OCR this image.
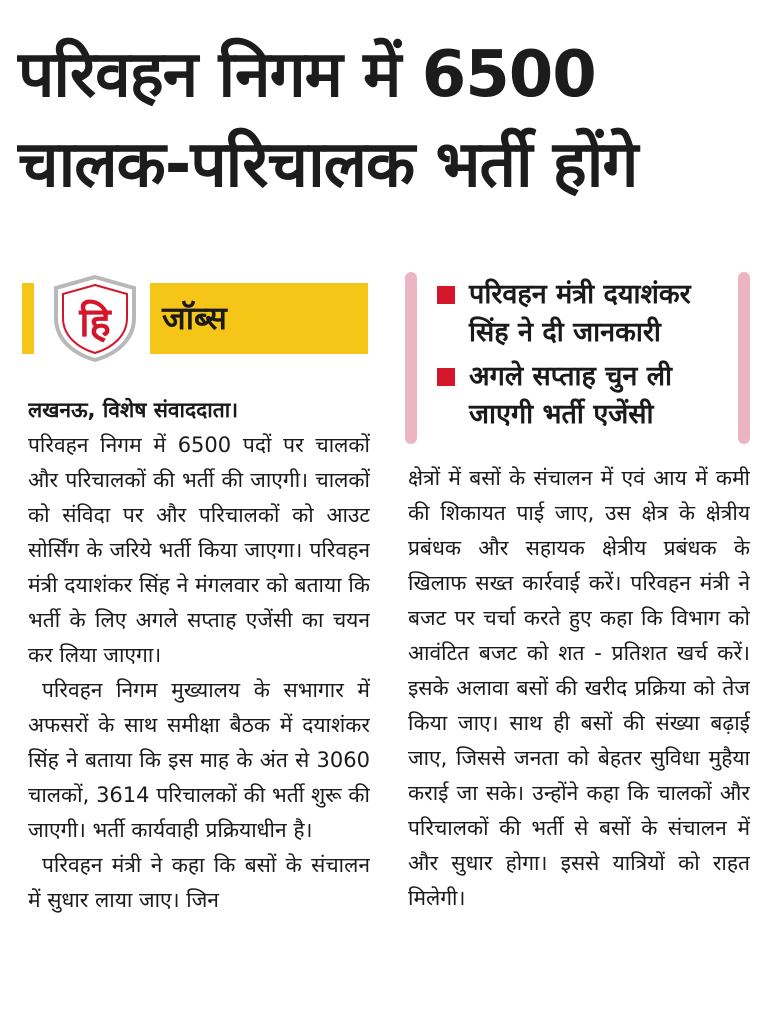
परिवहन निगम में 6500
चालक-परिचालक भर्ती होंगे
हि जॉब्स
परिवहन मंत्री दयाशंकर सिंह ने दी जानकारी
अगले सप्ताह चुन ली जाएगी भर्ती एजेंसी

लखनऊ, विशेष संवाददाता।

परिवहन निगम में 6500 पदों पर चालकों और परिचालकों की भर्ती की जाएगी। चालकों को संविदा पर और परिचालकों को आउट सोर्सिंग के जरिये भर्ती किया जाएगा। परिवहन मंत्री दयाशंकर सिंह ने मंगलवार को बताया कि भर्ती के लिए अगले सप्ताह एजेंसी का चयन कर लिया जाएगा।

परिवहन निगम मुख्यालय के सभागार में अफसरों के साथ समीक्षा बैठक में दयाशंकर सिंह ने बताया कि इस माह के अंत से 3060 चालकों, 3614 परिचालकों की भर्ती शुरू की जाएगी। भर्ती कार्यवाही प्रक्रियाधीन है।

परिवहन मंत्री ने कहा कि बसों के संचालन में सुधार लाया जाए। जिन

क्षेत्रों में बसों के संचालन में एवं आय में कमी की शिकायत पाई जाए, उस क्षेत्र के क्षेत्रीय प्रबंधक और सहायक क्षेत्रीय प्रबंधक के खिलाफ सख्त कार्रवाई करें। परिवहन मंत्री ने बजट पर चर्चा करते हुए कहा कि विभाग को आवंटित बजट को शत - प्रतिशत खर्च करें। इसके अलावा बसों की खरीद प्रक्रिया को तेज किया जाए। साथ ही बसों की संख्या बढ़ाई जाए, जिससे जनता को बेहतर सुविधा मुहैया कराई जा सके। उन्होंने कहा कि चालकों और परिचालकों की भर्ती से बसों के संचालन में और सुधार होगा। इससे यात्रियों को राहत मिलेगी।
